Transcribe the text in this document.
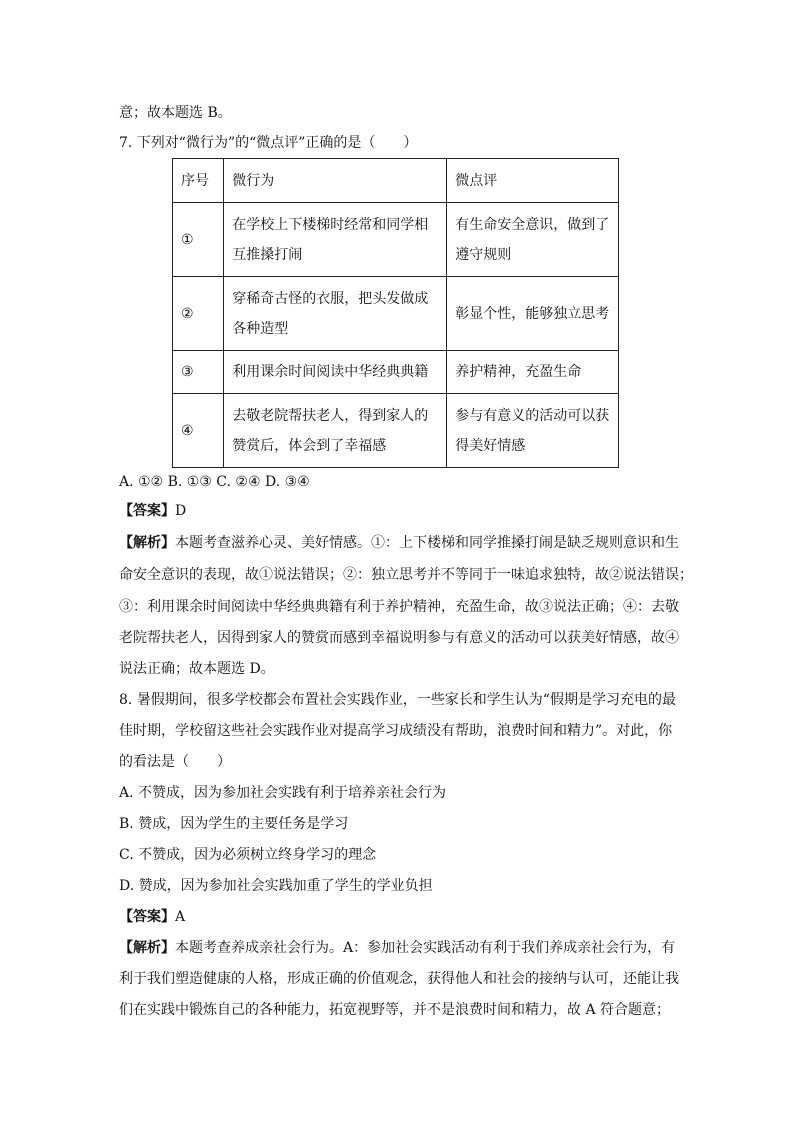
意；故本题选 B。
7. 下列对“微行为”的“微点评”正确的是（　　）
序号	微行为	微点评
①	在学校上下楼梯时经常和同学相互推搡打闹	有生命安全意识，做到了遵守规则
②	穿稀奇古怪的衣服，把头发做成各种造型	彰显个性，能够独立思考
③	利用课余时间阅读中华经典典籍	养护精神，充盈生命
④	去敬老院帮扶老人，得到家人的赞赏后，体会到了幸福感	参与有意义的活动可以获得美好情感
A. ①② B. ①③ C. ②④ D. ③④
【答案】D
【解析】本题考查滋养心灵、美好情感。①：上下楼梯和同学推搡打闹是缺乏规则意识和生
命安全意识的表现，故①说法错误；②：独立思考并不等同于一味追求独特，故②说法错误；
③：利用课余时间阅读中华经典典籍有利于养护精神，充盈生命，故③说法正确；④：去敬
老院帮扶老人，因得到家人的赞赏而感到幸福说明参与有意义的活动可以获美好情感，故④
说法正确；故本题选 D。
8. 暑假期间，很多学校都会布置社会实践作业，一些家长和学生认为“假期是学习充电的最
佳时期，学校留这些社会实践作业对提高学习成绩没有帮助，浪费时间和精力”。对此，你
的看法是（　　）
A. 不赞成，因为参加社会实践有利于培养亲社会行为
B. 赞成，因为学生的主要任务是学习
C. 不赞成，因为必须树立终身学习的理念
D. 赞成，因为参加社会实践加重了学生的学业负担
【答案】A
【解析】本题考查养成亲社会行为。A：参加社会实践活动有利于我们养成亲社会行为，有
利于我们塑造健康的人格，形成正确的价值观念，获得他人和社会的接纳与认可，还能让我
们在实践中锻炼自己的各种能力，拓宽视野等，并不是浪费时间和精力，故 A 符合题意；
